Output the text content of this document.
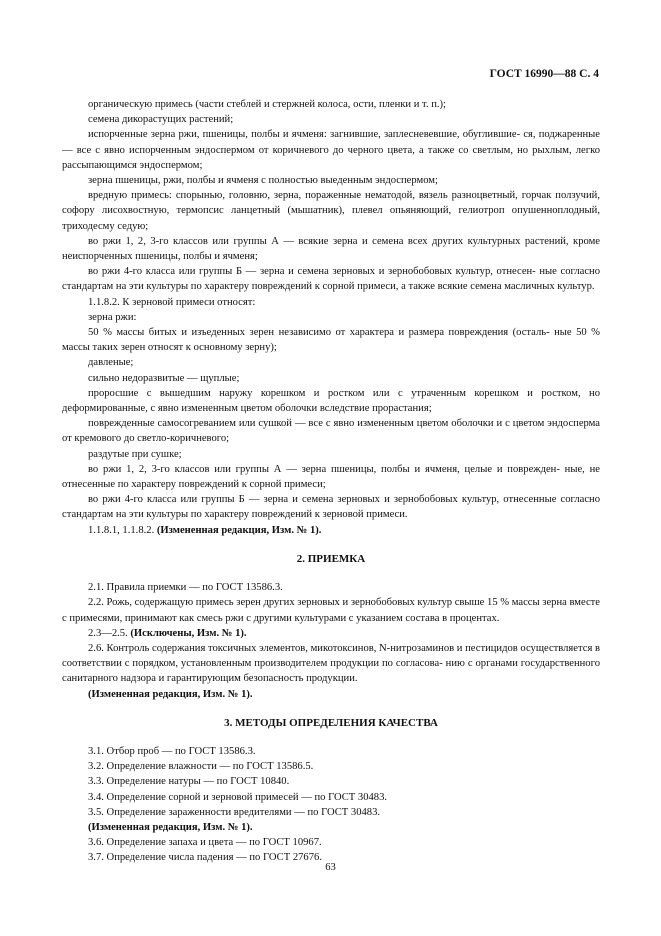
ГОСТ 16990—88 С. 4

органическую примесь (части стеблей и стержней колоса, ости, пленки и т. п.);

семена дикорастущих растений;

испорченные зерна ржи, пшеницы, полбы и ячменя: загнившие, заплесневевшие, обуглившие- ся, поджаренные — все с явно испорченным эндоспермом от коричневого до черного цвета, а также со светлым, но рыхлым, легко рассыпающимся эндоспермом;

зерна пшеницы, ржи, полбы и ячменя с полностью выеденным эндоспермом;

вредную примесь: спорынью, головню, зерна, пораженные нематодой, вязель разноцветный, горчак ползучий, софору лисохвостную, термопсис ланцетный (мышатник), плевел опьяняющий, гелиотроп опушенноплодный, триходесму седую;

во ржи 1, 2, 3-го классов или группы А — всякие зерна и семена всех других культурных растений, кроме неиспорченных пшеницы, полбы и ячменя;

во ржи 4-го класса или группы Б — зерна и семена зерновых и зернобобовых культур, отнесен- ные согласно стандартам на эти культуры по характеру повреждений к сорной примеси, а также всякие семена масличных культур.

1.1.8.2. К зерновой примеси относят:

зерна ржи:

50 % массы битых и изъеденных зерен независимо от характера и размера повреждения (осталь- ные 50 % массы таких зерен относят к основному зерну);

давленые;

сильно недоразвитые — щуплые;

проросшие с вышедшим наружу корешком и ростком или с утраченным корешком и ростком, но деформированные, с явно измененным цветом оболочки вследствие прорастания;

поврежденные самосогреванием или сушкой — все с явно измененным цветом оболочки и с цветом эндосперма от кремового до светло-коричневого;

раздутые при сушке;

во ржи 1, 2, 3-го классов или группы А — зерна пшеницы, полбы и ячменя, целые и поврежден- ные, не отнесенные по характеру повреждений к сорной примеси;

во ржи 4-го класса или группы Б — зерна и семена зерновых и зернобобовых культур, отнесенные согласно стандартам на эти культуры по характеру повреждений к зерновой примеси.

1.1.8.1, 1.1.8.2. (Измененная редакция, Изм. № 1).

2. ПРИЕМКА

2.1. Правила приемки — по ГОСТ 13586.3.

2.2. Рожь, содержащую примесь зерен других зерновых и зернобобовых культур свыше 15 % массы зерна вместе с примесями, принимают как смесь ржи с другими культурами с указанием состава в процентах.

2.3—2.5. (Исключены, Изм. № 1).

2.6. Контроль содержания токсичных элементов, микотоксинов, N-нитрозаминов и пестицидов осуществляется в соответствии с порядком, установленным производителем продукции по согласова- нию с органами государственного санитарного надзора и гарантирующим безопасность продукции.

(Измененная редакция, Изм. № 1).

3. МЕТОДЫ ОПРЕДЕЛЕНИЯ КАЧЕСТВА

3.1. Отбор проб — по ГОСТ 13586.3.

3.2. Определение влажности — по ГОСТ 13586.5.

3.3. Определение натуры — по ГОСТ 10840.

3.4. Определение сорной и зерновой примесей — по ГОСТ 30483.

3.5. Определение зараженности вредителями — по ГОСТ 30483.

(Измененная редакция, Изм. № 1).

3.6. Определение запаха и цвета — по ГОСТ 10967.

3.7. Определение числа падения — по ГОСТ 27676.

63
